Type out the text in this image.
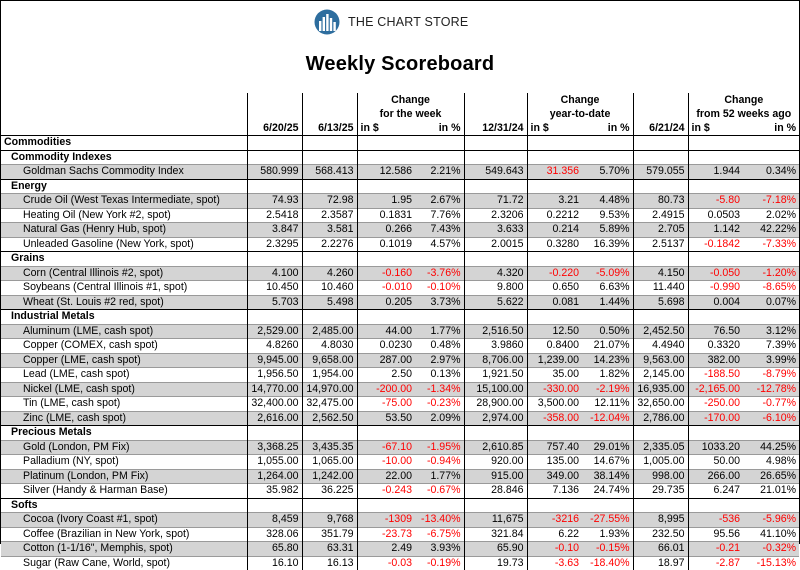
THE CHART STORE
Weekly Scoreboard
			Change			Change			Change	
			for the week			year-to-date			from 52 weeks ago	
	6/20/25	6/13/25	in $	in %	12/31/24	in $	in %	6/21/24	in $	in %
Commodities										
Commodity Indexes										
Goldman Sachs Commodity Index	580.999	568.413	12.586	2.21%	549.643	31.356	5.70%	579.055	1.944	0.34%
Energy										
Crude Oil (West Texas Intermediate, spot)	74.93	72.98	1.95	2.67%	71.72	3.21	4.48%	80.73	-5.80	-7.18%
Heating Oil (New York #2, spot)	2.5418	2.3587	0.1831	7.76%	2.3206	0.2212	9.53%	2.4915	0.0503	2.02%
Natural Gas (Henry Hub, spot)	3.847	3.581	0.266	7.43%	3.633	0.214	5.89%	2.705	1.142	42.22%
Unleaded Gasoline (New York, spot)	2.3295	2.2276	0.1019	4.57%	2.0015	0.3280	16.39%	2.5137	-0.1842	-7.33%
Grains										
Corn (Central Illinois #2, spot)	4.100	4.260	-0.160	-3.76%	4.320	-0.220	-5.09%	4.150	-0.050	-1.20%
Soybeans (Central Illinois #1, spot)	10.450	10.460	-0.010	-0.10%	9.800	0.650	6.63%	11.440	-0.990	-8.65%
Wheat (St. Louis #2 red, spot)	5.703	5.498	0.205	3.73%	5.622	0.081	1.44%	5.698	0.004	0.07%
Industrial Metals										
Aluminum (LME, cash spot)	2,529.00	2,485.00	44.00	1.77%	2,516.50	12.50	0.50%	2,452.50	76.50	3.12%
Copper (COMEX, cash spot)	4.8260	4.8030	0.0230	0.48%	3.9860	0.8400	21.07%	4.4940	0.3320	7.39%
Copper (LME, cash spot)	9,945.00	9,658.00	287.00	2.97%	8,706.00	1,239.00	14.23%	9,563.00	382.00	3.99%
Lead (LME, cash spot)	1,956.50	1,954.00	2.50	0.13%	1,921.50	35.00	1.82%	2,145.00	-188.50	-8.79%
Nickel (LME, cash spot)	14,770.00	14,970.00	-200.00	-1.34%	15,100.00	-330.00	-2.19%	16,935.00	-2,165.00	-12.78%
Tin (LME, cash spot)	32,400.00	32,475.00	-75.00	-0.23%	28,900.00	3,500.00	12.11%	32,650.00	-250.00	-0.77%
Zinc (LME, cash spot)	2,616.00	2,562.50	53.50	2.09%	2,974.00	-358.00	-12.04%	2,786.00	-170.00	-6.10%
Precious Metals										
Gold (London, PM Fix)	3,368.25	3,435.35	-67.10	-1.95%	2,610.85	757.40	29.01%	2,335.05	1033.20	44.25%
Palladium (NY, spot)	1,055.00	1,065.00	-10.00	-0.94%	920.00	135.00	14.67%	1,005.00	50.00	4.98%
Platinum (London, PM Fix)	1,264.00	1,242.00	22.00	1.77%	915.00	349.00	38.14%	998.00	266.00	26.65%
Silver (Handy & Harman Base)	35.982	36.225	-0.243	-0.67%	28.846	7.136	24.74%	29.735	6.247	21.01%
Softs										
Cocoa (Ivory Coast #1, spot)	8,459	9,768	-1309	-13.40%	11,675	-3216	-27.55%	8,995	-536	-5.96%
Coffee (Brazilian in New York, spot)	328.06	351.79	-23.73	-6.75%	321.84	6.22	1.93%	232.50	95.56	41.10%
Cotton (1-1/16", Memphis, spot)	65.80	63.31	2.49	3.93%	65.90	-0.10	-0.15%	66.01	-0.21	-0.32%
Sugar (Raw Cane, World, spot)	16.10	16.13	-0.03	-0.19%	19.73	-3.63	-18.40%	18.97	-2.87	-15.13%
